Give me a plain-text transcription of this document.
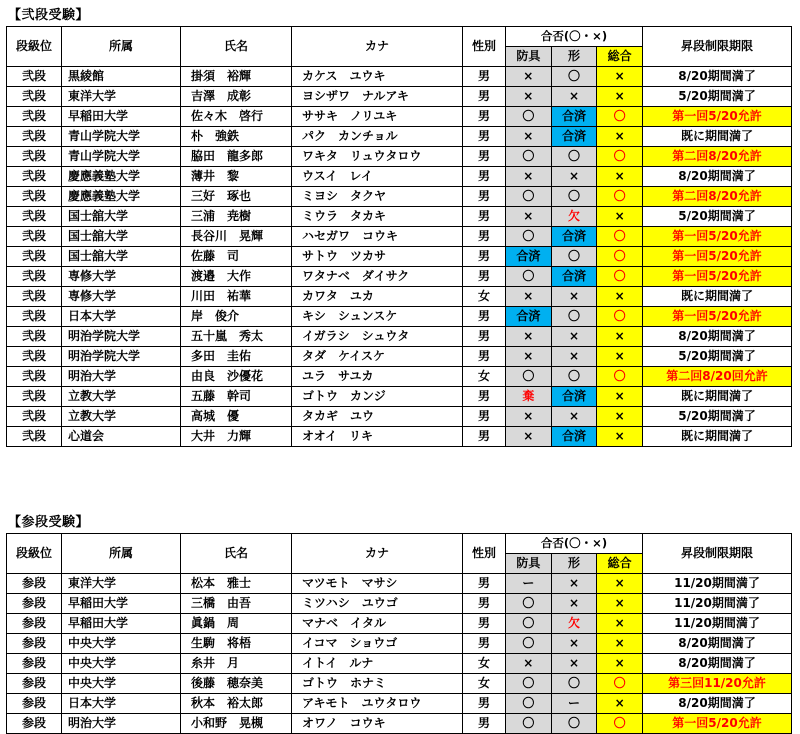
【弐段受験】
段級位	所属	氏名	カナ	性別	合否(〇・×)			昇段制限期限
					防具	形	総合	
弐段	黒綾館	掛須　裕輝	カケス　ユウキ	男	×	〇	×	8/20期間満了
弐段	東洋大学	吉澤　成彰	ヨシザワ　ナルアキ	男	×	×	×	5/20期間満了
弐段	早稲田大学	佐々木　啓行	ササキ　ノリユキ	男	〇	合済	〇	第一回5/20允許
弐段	青山学院大学	朴　強鉄	パク　カンチョル	男	×	合済	×	既に期間満了
弐段	青山学院大学	脇田　龍多郎	ワキタ　リュウタロウ	男	〇	〇	〇	第二回8/20允許
弐段	慶應義塾大学	薄井　黎	ウスイ　レイ	男	×	×	×	8/20期間満了
弐段	慶應義塾大学	三好　琢也	ミヨシ　タクヤ	男	〇	〇	〇	第二回8/20允許
弐段	国士舘大学	三浦　尭樹	ミウラ　タカキ	男	×	欠	×	5/20期間満了
弐段	国士舘大学	長谷川　晃輝	ハセガワ　コウキ	男	〇	合済	〇	第一回5/20允許
弐段	国士舘大学	佐藤　司	サトウ　ツカサ	男	合済	〇	〇	第一回5/20允許
弐段	専修大学	渡邉　大作	ワタナベ　ダイサク	男	〇	合済	〇	第一回5/20允許
弐段	専修大学	川田　祐華	カワタ　ユカ	女	×	×	×	既に期間満了
弐段	日本大学	岸　俊介	キシ　シュンスケ	男	合済	〇	〇	第一回5/20允許
弐段	明治学院大学	五十嵐　秀太	イガラシ　シュウタ	男	×	×	×	8/20期間満了
弐段	明治学院大学	多田　圭佑	タダ　ケイスケ	男	×	×	×	5/20期間満了
弐段	明治大学	由良　沙優花	ユラ　サユカ	女	〇	〇	〇	第二回8/20回允許
弐段	立教大学	五藤　幹司	ゴトウ　カンジ	男	棄	合済	×	既に期間満了
弐段	立教大学	高城　優	タカギ　ユウ	男	×	×	×	5/20期間満了
弐段	心道会	大井　力輝	オオイ　リキ	男	×	合済	×	既に期間満了
【参段受験】
段級位	所属	氏名	カナ	性別	合否(〇・×)			昇段制限期限
					防具	形	総合	
参段	東洋大学	松本　雅士	マツモト　マサシ	男	ー	×	×	11/20期間満了
参段	早稲田大学	三橋　由吾	ミツハシ　ユウゴ	男	〇	×	×	11/20期間満了
参段	早稲田大学	眞鍋　周	マナベ　イタル	男	〇	欠	×	11/20期間満了
参段	中央大学	生駒　将梧	イコマ　ショウゴ	男	〇	×	×	8/20期間満了
参段	中央大学	糸井　月	イトイ　ルナ	女	×	×	×	8/20期間満了
参段	中央大学	後藤　穂奈美	ゴトウ　ホナミ	女	〇	〇	〇	第三回11/20允許
参段	日本大学	秋本　裕太郎	アキモト　ユウタロウ	男	〇	ー	×	8/20期間満了
参段	明治大学	小和野　晃槻	オワノ　コウキ	男	〇	〇	〇	第一回5/20允許
